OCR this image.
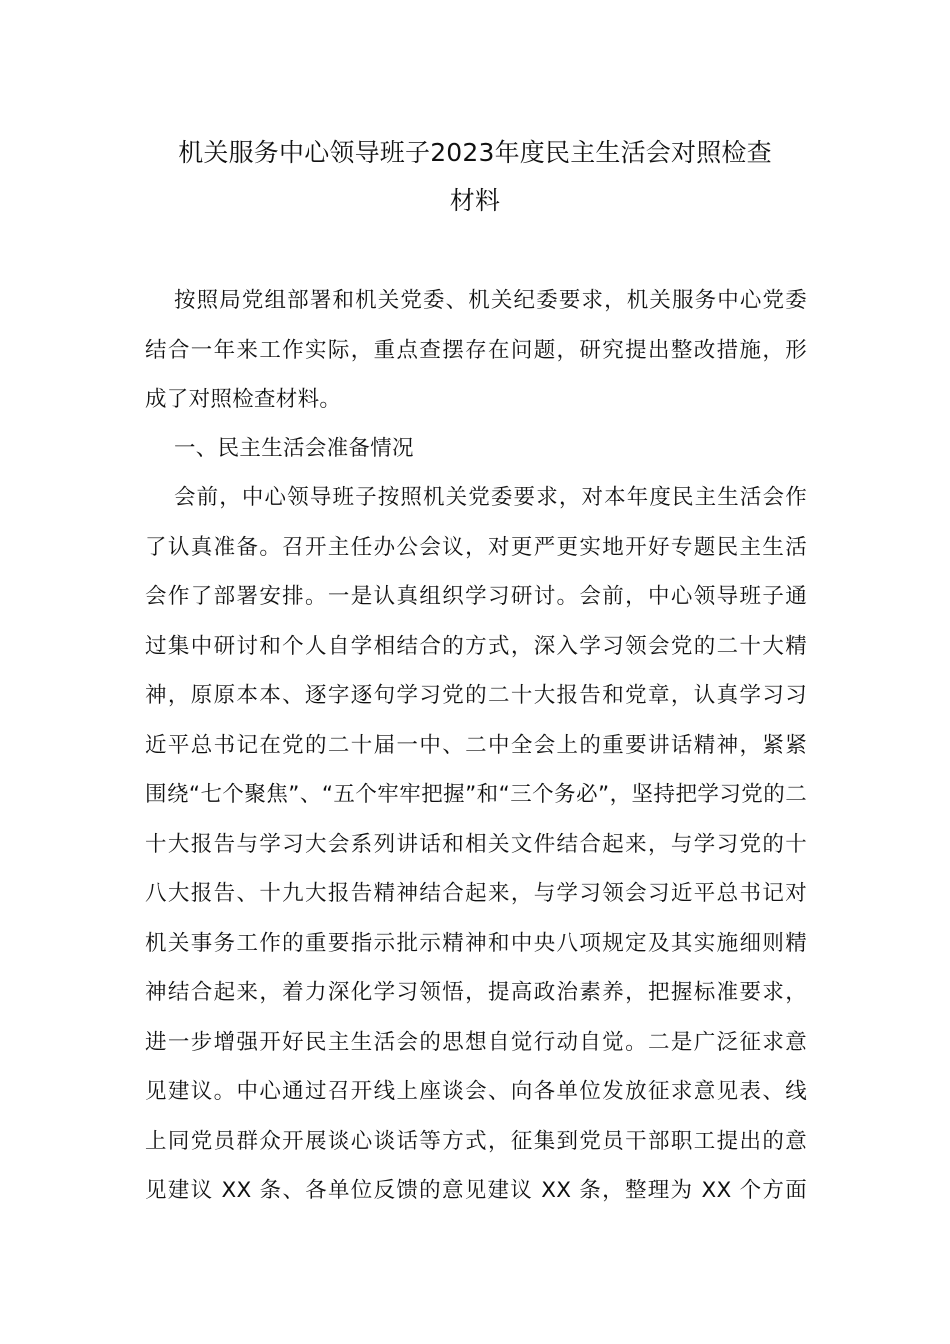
机关服务中心领导班子2023年度民主生活会对照检查
材料
按照局党组部署和机关党委、机关纪委要求，机关服务中心党委
结合一年来工作实际，重点查摆存在问题，研究提出整改措施，形
成了对照检查材料。
一、民主生活会准备情况
会前，中心领导班子按照机关党委要求，对本年度民主生活会作
了认真准备。召开主任办公会议，对更严更实地开好专题民主生活
会作了部署安排。一是认真组织学习研讨。会前，中心领导班子通
过集中研讨和个人自学相结合的方式，深入学习领会党的二十大精
神，原原本本、逐字逐句学习党的二十大报告和党章，认真学习习
近平总书记在党的二十届一中、二中全会上的重要讲话精神，紧紧
围绕“七个聚焦”、“五个牢牢把握”和“三个务必”，坚持把学习党的二
十大报告与学习大会系列讲话和相关文件结合起来，与学习党的十
八大报告、十九大报告精神结合起来，与学习领会习近平总书记对
机关事务工作的重要指示批示精神和中央八项规定及其实施细则精
神结合起来，着力深化学习领悟，提高政治素养，把握标准要求，
进一步增强开好民主生活会的思想自觉行动自觉。二是广泛征求意
见建议。中心通过召开线上座谈会、向各单位发放征求意见表、线
上同党员群众开展谈心谈话等方式，征集到党员干部职工提出的意
见建议 XX 条、各单位反馈的意见建议 XX 条，整理为 XX 个方面
